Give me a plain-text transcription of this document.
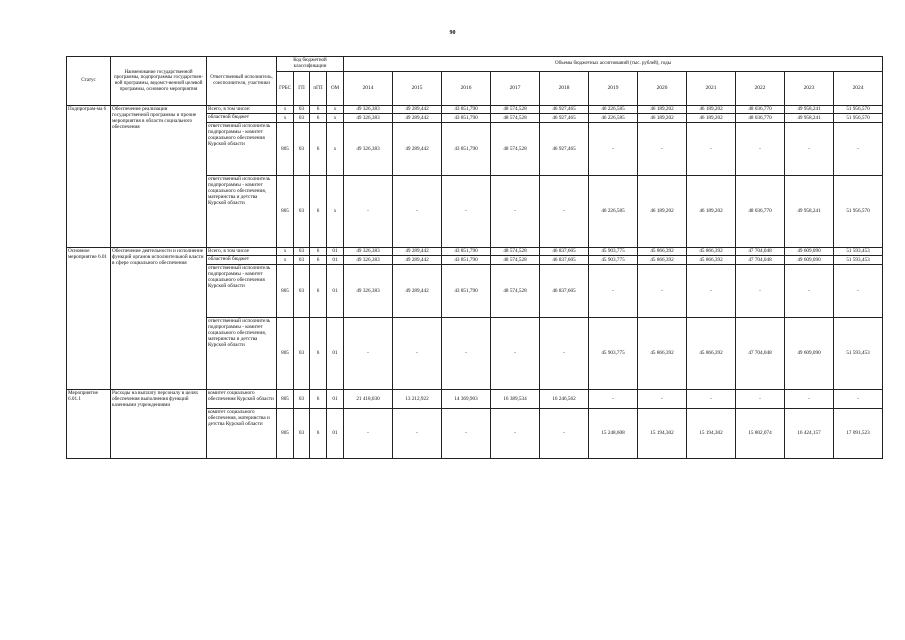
90
Статус	Наименование государственной программы, подпрограммы государствен-ной программы, ведомст-венной целевой программы, основного мероприятия	Ответственный исполнитель, соисполнители, участники	Код бюджетной классификации				Объемы бюджетных ассигнований (тыс. рублей), годы										
			ГРБС	ГП	пГП	ОМ	2014	2015	2016	2017	2018	2019	2020	2021	2022	2023	2024
Подпрограм-ма 6	Обеспечение реализации государственной программы и прочие мероприятия в области социального обеспечения	Всего, в том числе:	x	03	6	x	49 326,383	49 289,442	43 851,790	48 574,528	46 927,465	46 226,585	46 189,202	46 189,202	48 036,770	49 958,241	51 956,570
		областной бюджет	x	03	6	x	49 326,383	49 289,442	43 851,790	48 574,528	46 927,465	46 226,585	46 189,202	46 189,202	48 036,770	49 958,241	51 956,570
		ответственный исполнитель подпрограммы - комитет социального обеспечения Курской области	805	03	6	x	49 326,383	49 289,442	43 851,790	48 574,528	46 927,465	-	-	-	-	-	-
		ответственный исполнитель подпрограммы - комитет социального обеспечения, материнства и детства Курской области	805	03	6	x	-	-	-	-	-	46 226,585	46 189,202	46 189,202	48 036,770	49 958,241	51 956,570
Основное мероприятие 6.01	Обеспечение деятельности и исполнение функций органов исполнительной власти в сфере социального обеспечения	Всего, в том числе	x	03	6	01	49 326,383	49 289,442	43 851,790	48 574,528	46 837,605	45 903,775	45 866,392	45 866,392	47 704,048	49 609,090	51 593,453
		областной бюджет	x	03	6	01	49 326,383	49 289,442	43 851,790	48 574,528	46 837,605	45 903,775	45 866,392	45 866,392	47 704,048	49 609,090	51 593,453
		ответственный исполнитель подпрограммы - комитет социального обеспечения Курской области	805	03	6	01	49 326,383	49 289,442	43 851,790	48 574,528	46 837,605	-	-	-	-	-	-
		ответственный исполнитель подпрограммы - комитет социального обеспечения, материнства и детства Курской области	805	03	6	01	-	-	-	-	-	45 903,775	45 866,392	45 866,392	47 704,048	49 609,090	51 593,453
Мероприятие 6.01.1	Расходы на выплату персоналу в целях обеспечения выполнения функций казенными учреждениями	комитет социального обеспечения Курской области	805	03	6	01	21 418,030	13 212,922	14 369,903	16 389,534	16 246,562	-	-	-	-	-	-
		комитет социального обеспечения, материнства и детства Курской области	805	03	6	01	-	-	-	-	-	15 248,608	15 194,302	15 194,302	15 802,074	16 424,157	17 091,523
